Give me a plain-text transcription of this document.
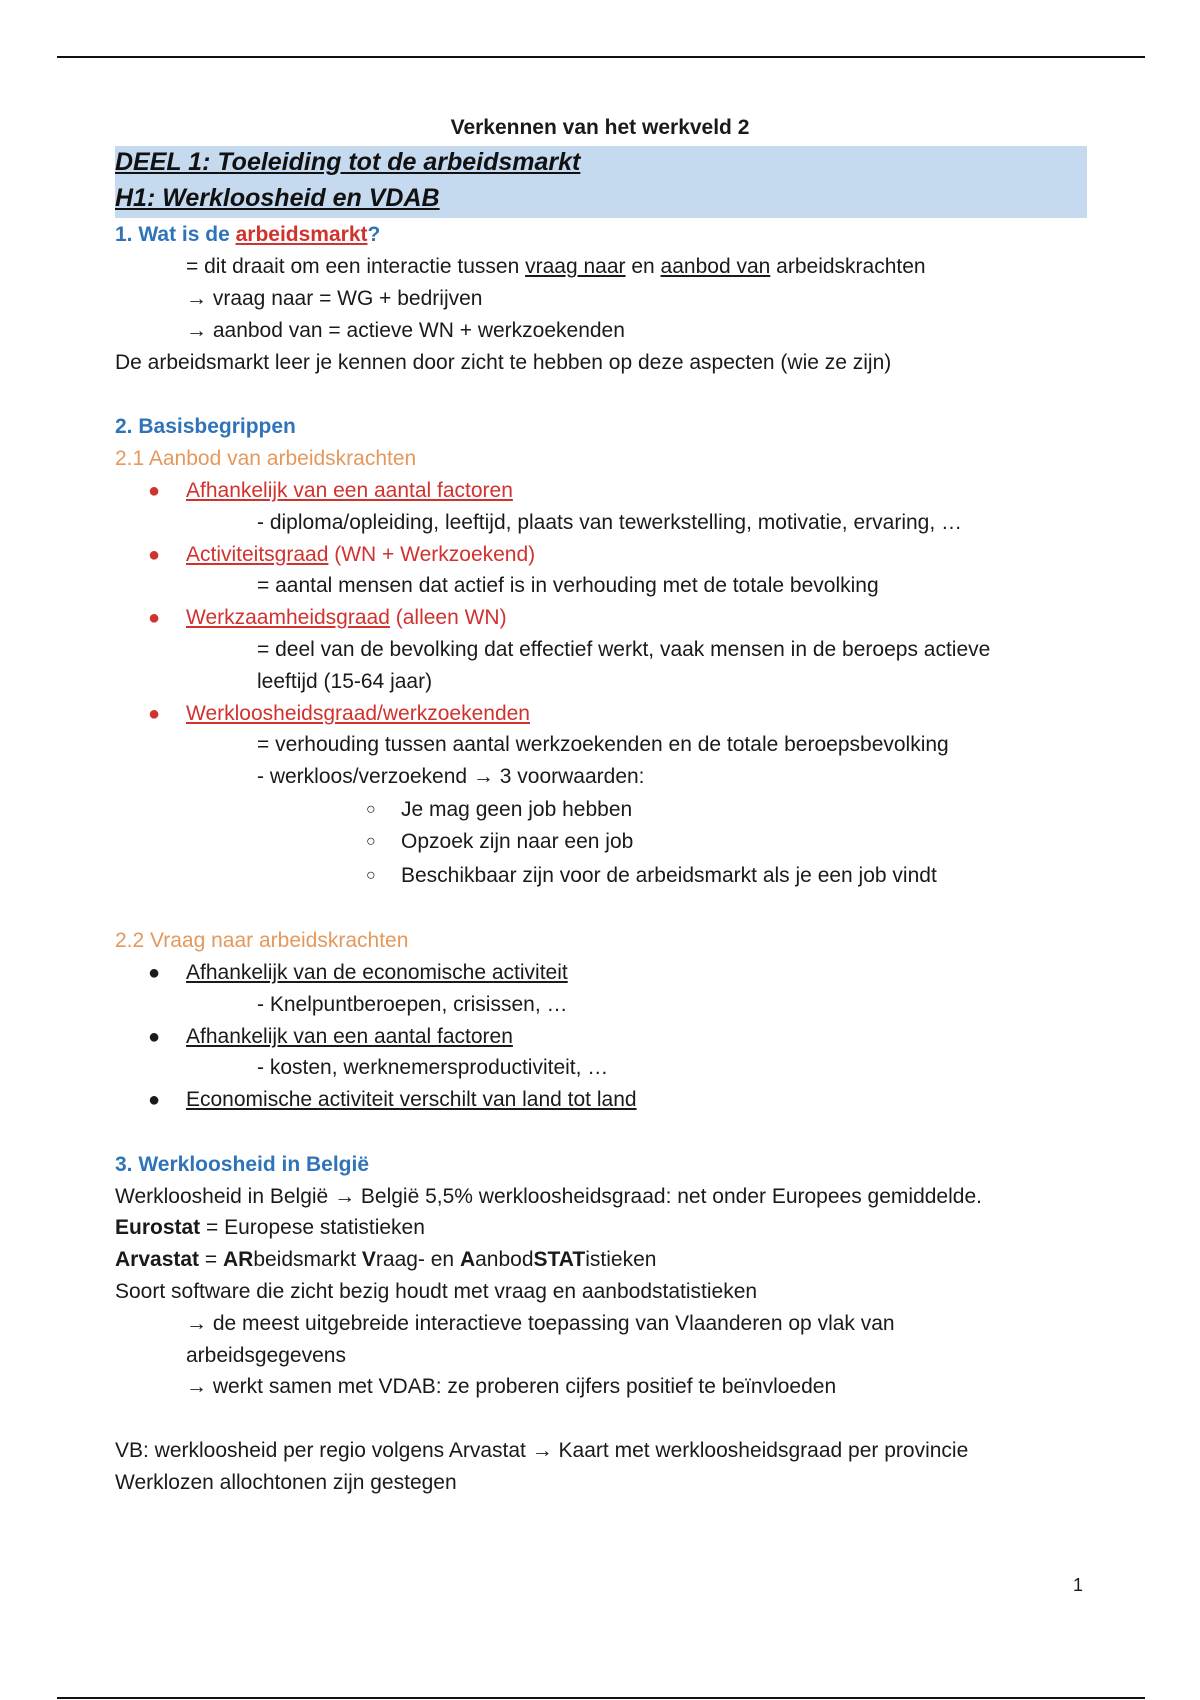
Verkennen van het werkveld 2
DEEL 1: Toeleiding tot de arbeidsmarkt
H1: Werkloosheid en VDAB
1. Wat is de arbeidsmarkt?
= dit draait om een interactie tussen vraag naar en aanbod van arbeidskrachten
→ vraag naar = WG + bedrijven
→ aanbod van = actieve WN + werkzoekenden
De arbeidsmarkt leer je kennen door zicht te hebben op deze aspecten (wie ze zijn)
2. Basisbegrippen
2.1 Aanbod van arbeidskrachten
● Afhankelijk van een aantal factoren
- diploma/opleiding, leeftijd, plaats van tewerkstelling, motivatie, ervaring, …
● Activiteitsgraad (WN + Werkzoekend)
= aantal mensen dat actief is in verhouding met de totale bevolking
● Werkzaamheidsgraad (alleen WN)
= deel van de bevolking dat effectief werkt, vaak mensen in de beroeps actieve
leeftijd (15-64 jaar)
● Werkloosheidsgraad/werkzoekenden
= verhouding tussen aantal werkzoekenden en de totale beroepsbevolking
- werkloos/verzoekend → 3 voorwaarden:
○ Je mag geen job hebben
○ Opzoek zijn naar een job
○ Beschikbaar zijn voor de arbeidsmarkt als je een job vindt
2.2 Vraag naar arbeidskrachten
● Afhankelijk van de economische activiteit
- Knelpuntberoepen, crisissen, …
● Afhankelijk van een aantal factoren
- kosten, werknemersproductiviteit, …
● Economische activiteit verschilt van land tot land
3. Werkloosheid in België
Werkloosheid in België → België 5,5% werkloosheidsgraad: net onder Europees gemiddelde.
Eurostat = Europese statistieken
Arvastat = ARbeidsmarkt Vraag- en AanbodSTATistieken
Soort software die zicht bezig houdt met vraag en aanbodstatistieken
→ de meest uitgebreide interactieve toepassing van Vlaanderen op vlak van
arbeidsgegevens
→ werkt samen met VDAB: ze proberen cijfers positief te beïnvloeden
VB: werkloosheid per regio volgens Arvastat → Kaart met werkloosheidsgraad per provincie
Werklozen allochtonen zijn gestegen
1
